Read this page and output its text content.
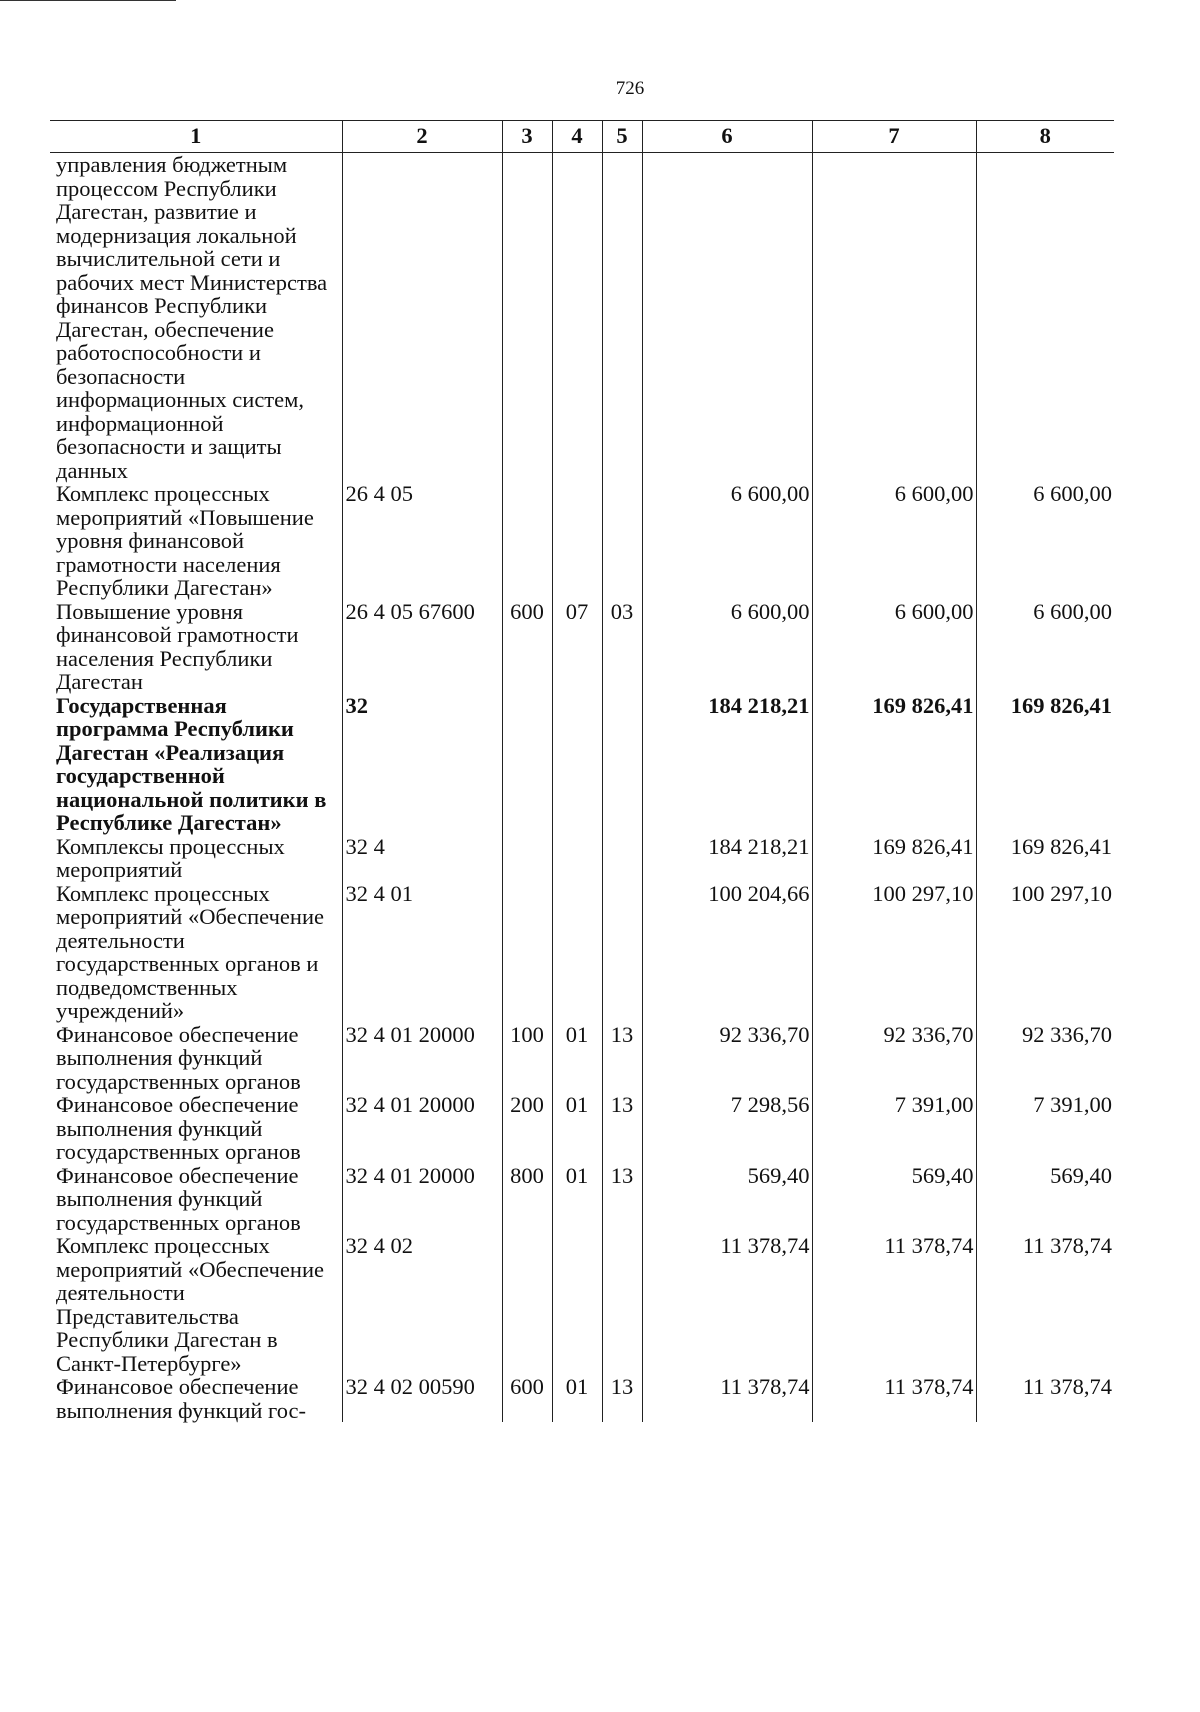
726
1	2	3	4	5	6	7	8
управления бюджетным процессом Республики Дагестан, развитие и модернизация локальной вычислительной сети и рабочих мест Министерства финансов Республики Дагестан, обеспечение работоспособности и безопасности информационных систем, информационной безопасности и защиты данных							
Комплекс процессных мероприятий «Повышение уровня финансовой грамотности населения Республики Дагестан»	26 4 05				6 600,00	6 600,00	6 600,00
Повышение уровня финансовой грамотности населения Республики Дагестан	26 4 05 67600	600	07	03	6 600,00	6 600,00	6 600,00
Государственная программа Республики Дагестан «Реализация государственной национальной политики в Республике Дагестан»	32				184 218,21	169 826,41	169 826,41
Комплексы процессных мероприятий	32 4				184 218,21	169 826,41	169 826,41
Комплекс процессных мероприятий «Обеспечение деятельности государственных органов и подведомственных учреждений»	32 4 01				100 204,66	100 297,10	100 297,10
Финансовое обеспечение выполнения функций государственных органов	32 4 01 20000	100	01	13	92 336,70	92 336,70	92 336,70
Финансовое обеспечение выполнения функций государственных органов	32 4 01 20000	200	01	13	7 298,56	7 391,00	7 391,00
Финансовое обеспечение выполнения функций государственных органов	32 4 01 20000	800	01	13	569,40	569,40	569,40
Комплекс процессных мероприятий «Обеспечение деятельности Представительства Республики Дагестан в Санкт-Петербурге»	32 4 02				11 378,74	11 378,74	11 378,74
Финансовое обеспечение выполнения функций гос-	32 4 02 00590	600	01	13	11 378,74	11 378,74	11 378,74
